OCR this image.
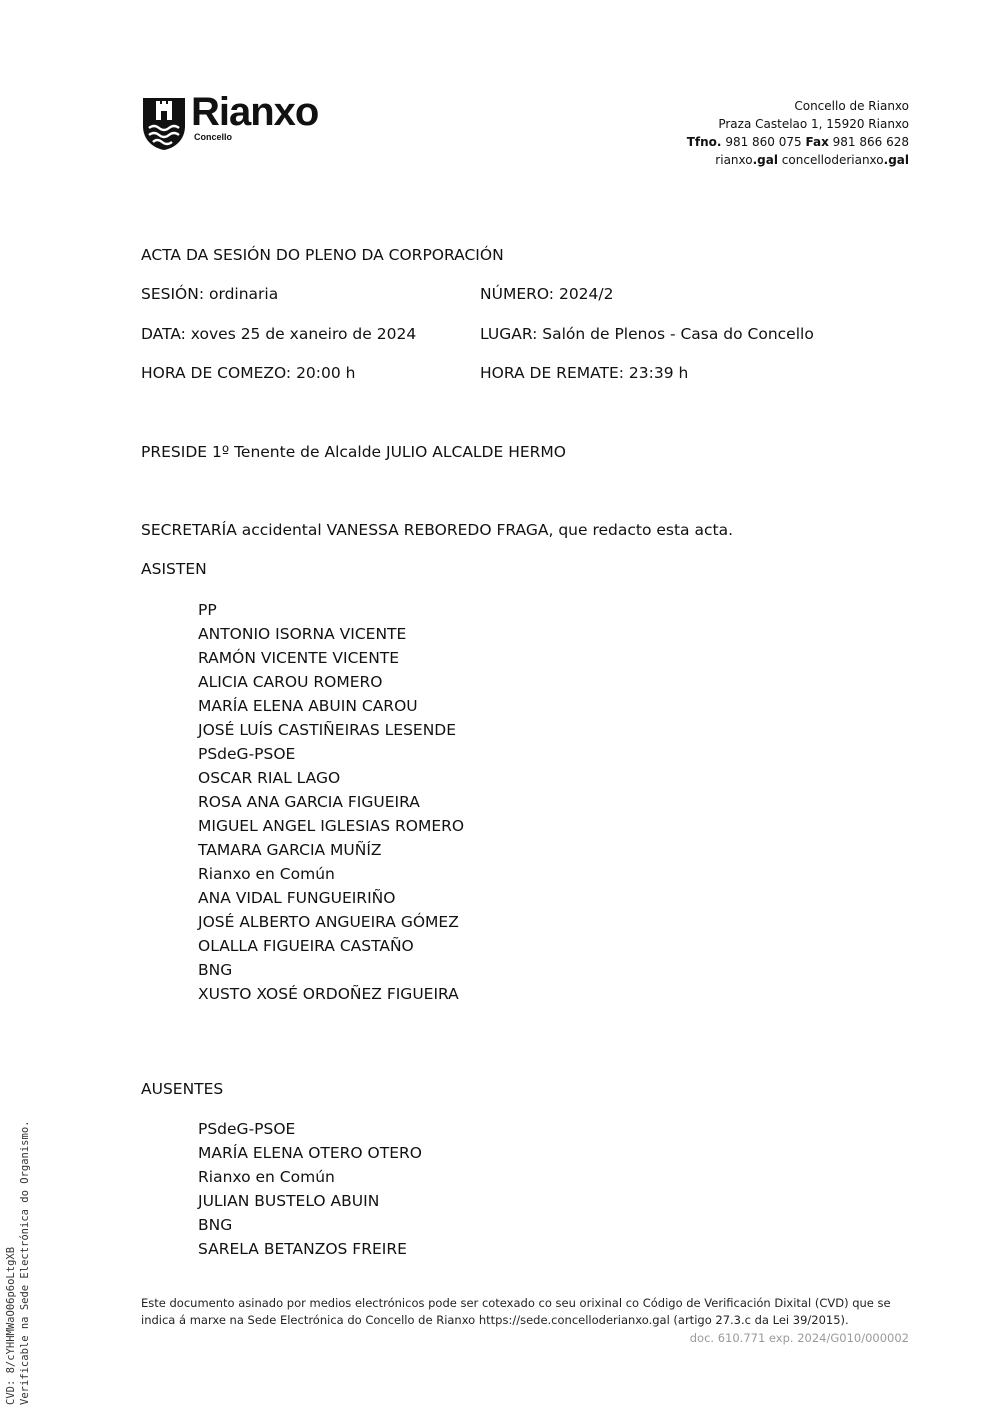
Rianxo
Concello
Concello de Rianxo
Praza Castelao 1, 15920 Rianxo
Tfno. 981 860 075 Fax 981 866 628
rianxo.gal concelloderianxo.gal
ACTA DA SESIÓN DO PLENO DA CORPORACIÓN
SESIÓN: ordinaria	NÚMERO: 2024/2
DATA: xoves 25 de xaneiro de 2024	LUGAR: Salón de Plenos - Casa do Concello
HORA DE COMEZO: 20:00 h	HORA DE REMATE: 23:39 h
PRESIDE 1º Tenente de Alcalde JULIO ALCALDE HERMO
SECRETARÍA accidental VANESSA REBOREDO FRAGA, que redacto esta acta.
ASISTEN
PP
ANTONIO ISORNA VICENTE
RAMÓN VICENTE VICENTE
ALICIA CAROU ROMERO
MARÍA ELENA ABUIN CAROU
JOSÉ LUÍS CASTIÑEIRAS LESENDE
PSdeG-PSOE
OSCAR RIAL LAGO
ROSA ANA GARCIA FIGUEIRA
MIGUEL ANGEL IGLESIAS ROMERO
TAMARA GARCIA MUÑÍZ
Rianxo en Común
ANA VIDAL FUNGUEIRIÑO
JOSÉ ALBERTO ANGUEIRA GÓMEZ
OLALLA FIGUEIRA CASTAÑO
BNG
XUSTO XOSÉ ORDOÑEZ FIGUEIRA
AUSENTES
PSdeG-PSOE
MARÍA ELENA OTERO OTERO
Rianxo en Común
JULIAN BUSTELO ABUIN
BNG
SARELA BETANZOS FREIRE
Este documento asinado por medios electrónicos pode ser cotexado co seu orixinal co Código de Verificación Dixital (CVD) que se indica á marxe na Sede Electrónica do Concello de Rianxo https://sede.concelloderianxo.gal (artigo 27.3.c da Lei 39/2015).
doc. 610.771 exp. 2024/G010/000002
CVD: 8/cYHHMWaO06p6oLtgXB Verificable na Sede Electrónica do Organismo.
